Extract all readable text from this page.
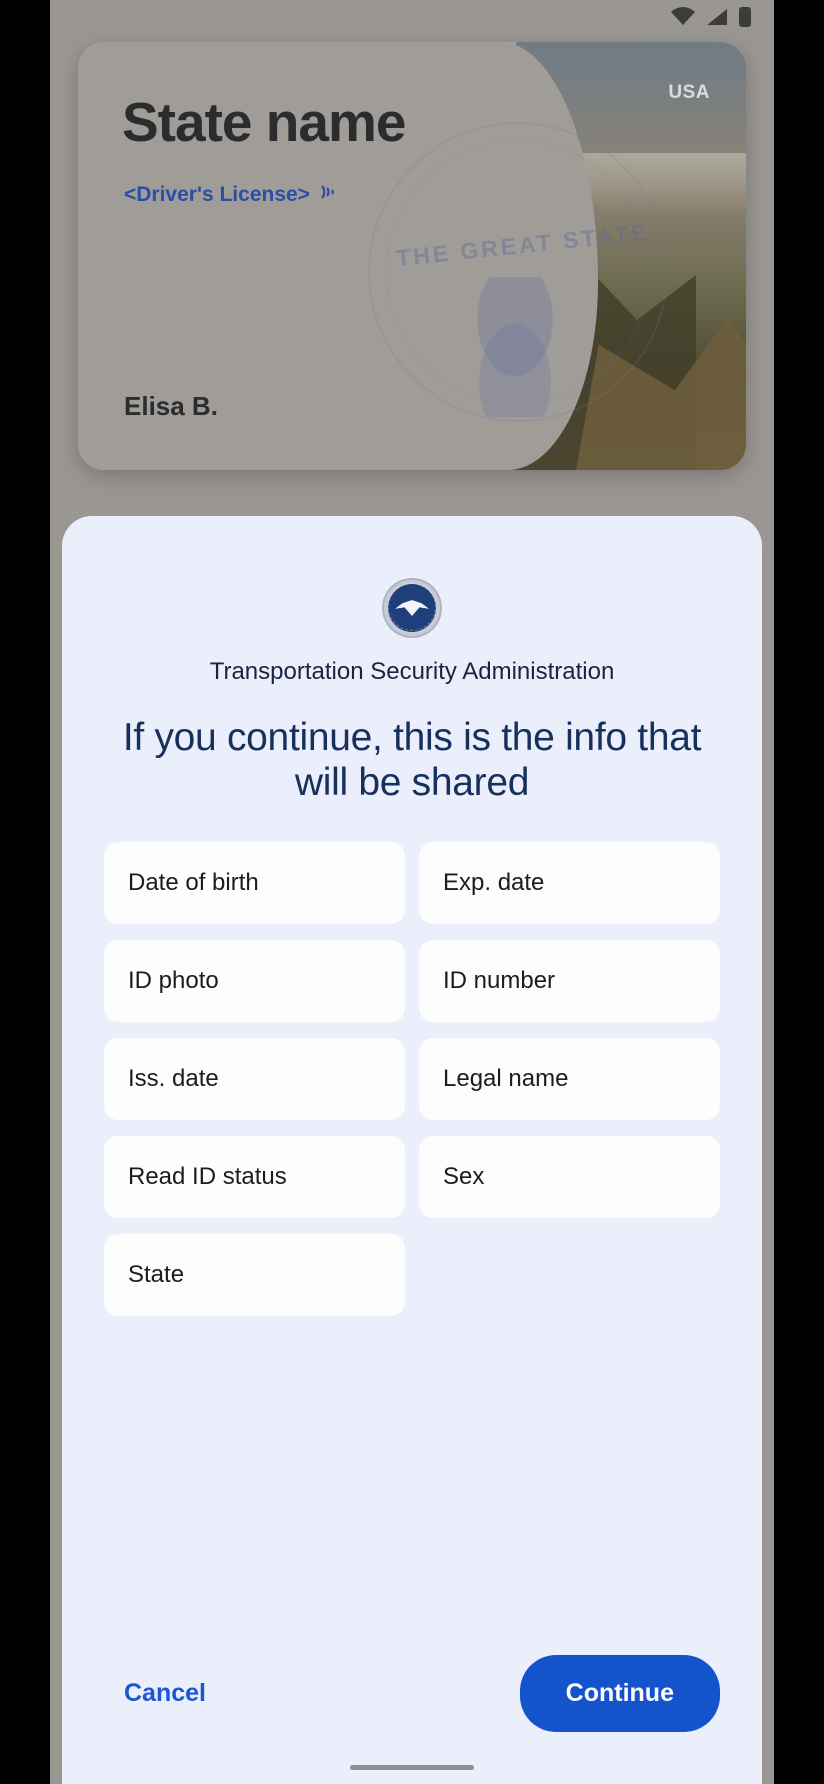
THE GREAT STATE
State name
<Driver's License>
Elisa B.
USA
Transportation Security Administration
If you continue, this is the info that will be shared
Date of birth	Exp. date
ID photo	ID number
Iss. date	Legal name
Read ID status	Sex
State
Cancel	Continue
